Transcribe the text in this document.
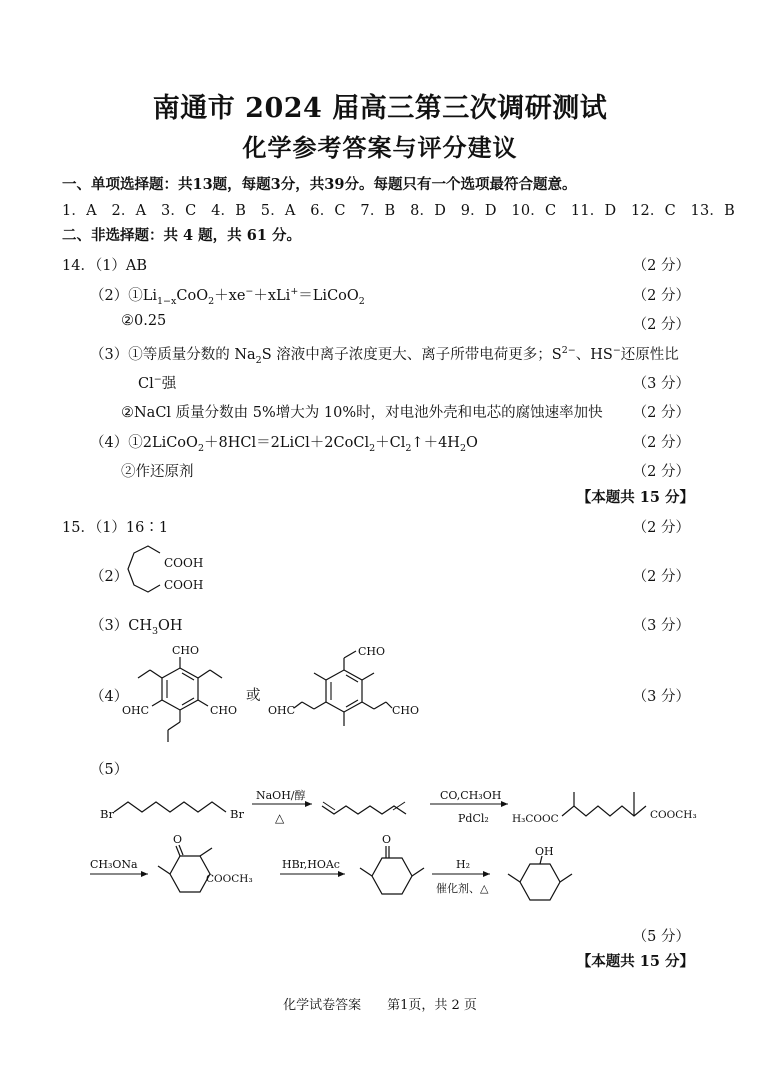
南通市 2024 届高三第三次调研测试
化学参考答案与评分建议
一、单项选择题：共13题，每题3分，共39分。每题只有一个选项最符合题意。
1．A　2．A　3．C　4．B　5．A　6．C　7．B　8．D　9．D　10．C　11．D　12．C　13．B
二、非选择题：共 4 题，共 61 分。
14．（1）AB	（2 分）
$(2)①Li_{1-x}CoO_2+xe^-+xLi^+=LiCoO_2$	（2 分）
②0.25	（2 分）
（3）①等质量分数的 $Na_2S$ 溶液中离子浓度更大、离子所带电荷更多；$S^{2-}$、HS−还原性比
Cl−强	（3 分）
②NaCl 质量分数由 5%增大为 10%时，对电池外壳和电芯的腐蚀速率加快 （2 分）
$(4)①2LiCoO_2+8HCl=2LiCl+2CoCl_2+Cl_2↑+4H_2O$	（2 分）
②作还原剂	（2 分）
【本题共 15 分】
15．（1）16∶1	（2 分）
（2）
COOH
COOH	（2 分）
$(3)CH_3OH$	（3 分）
（4）
CHO
OHC	CHO
或
CHO
OHC	CHO
（3 分）
（5）
Br	Br
NaOH/醇
△
CO,CH₃OH
PdCl₂ H₃COOC	COOCH₃
CH₃ONa
O
COOCH₃
HBr,HOAc
O
H₂
催化剂、△
OH
（5 分）
【本题共 15 分】
化学试卷答案　　第1页，共 2 页
